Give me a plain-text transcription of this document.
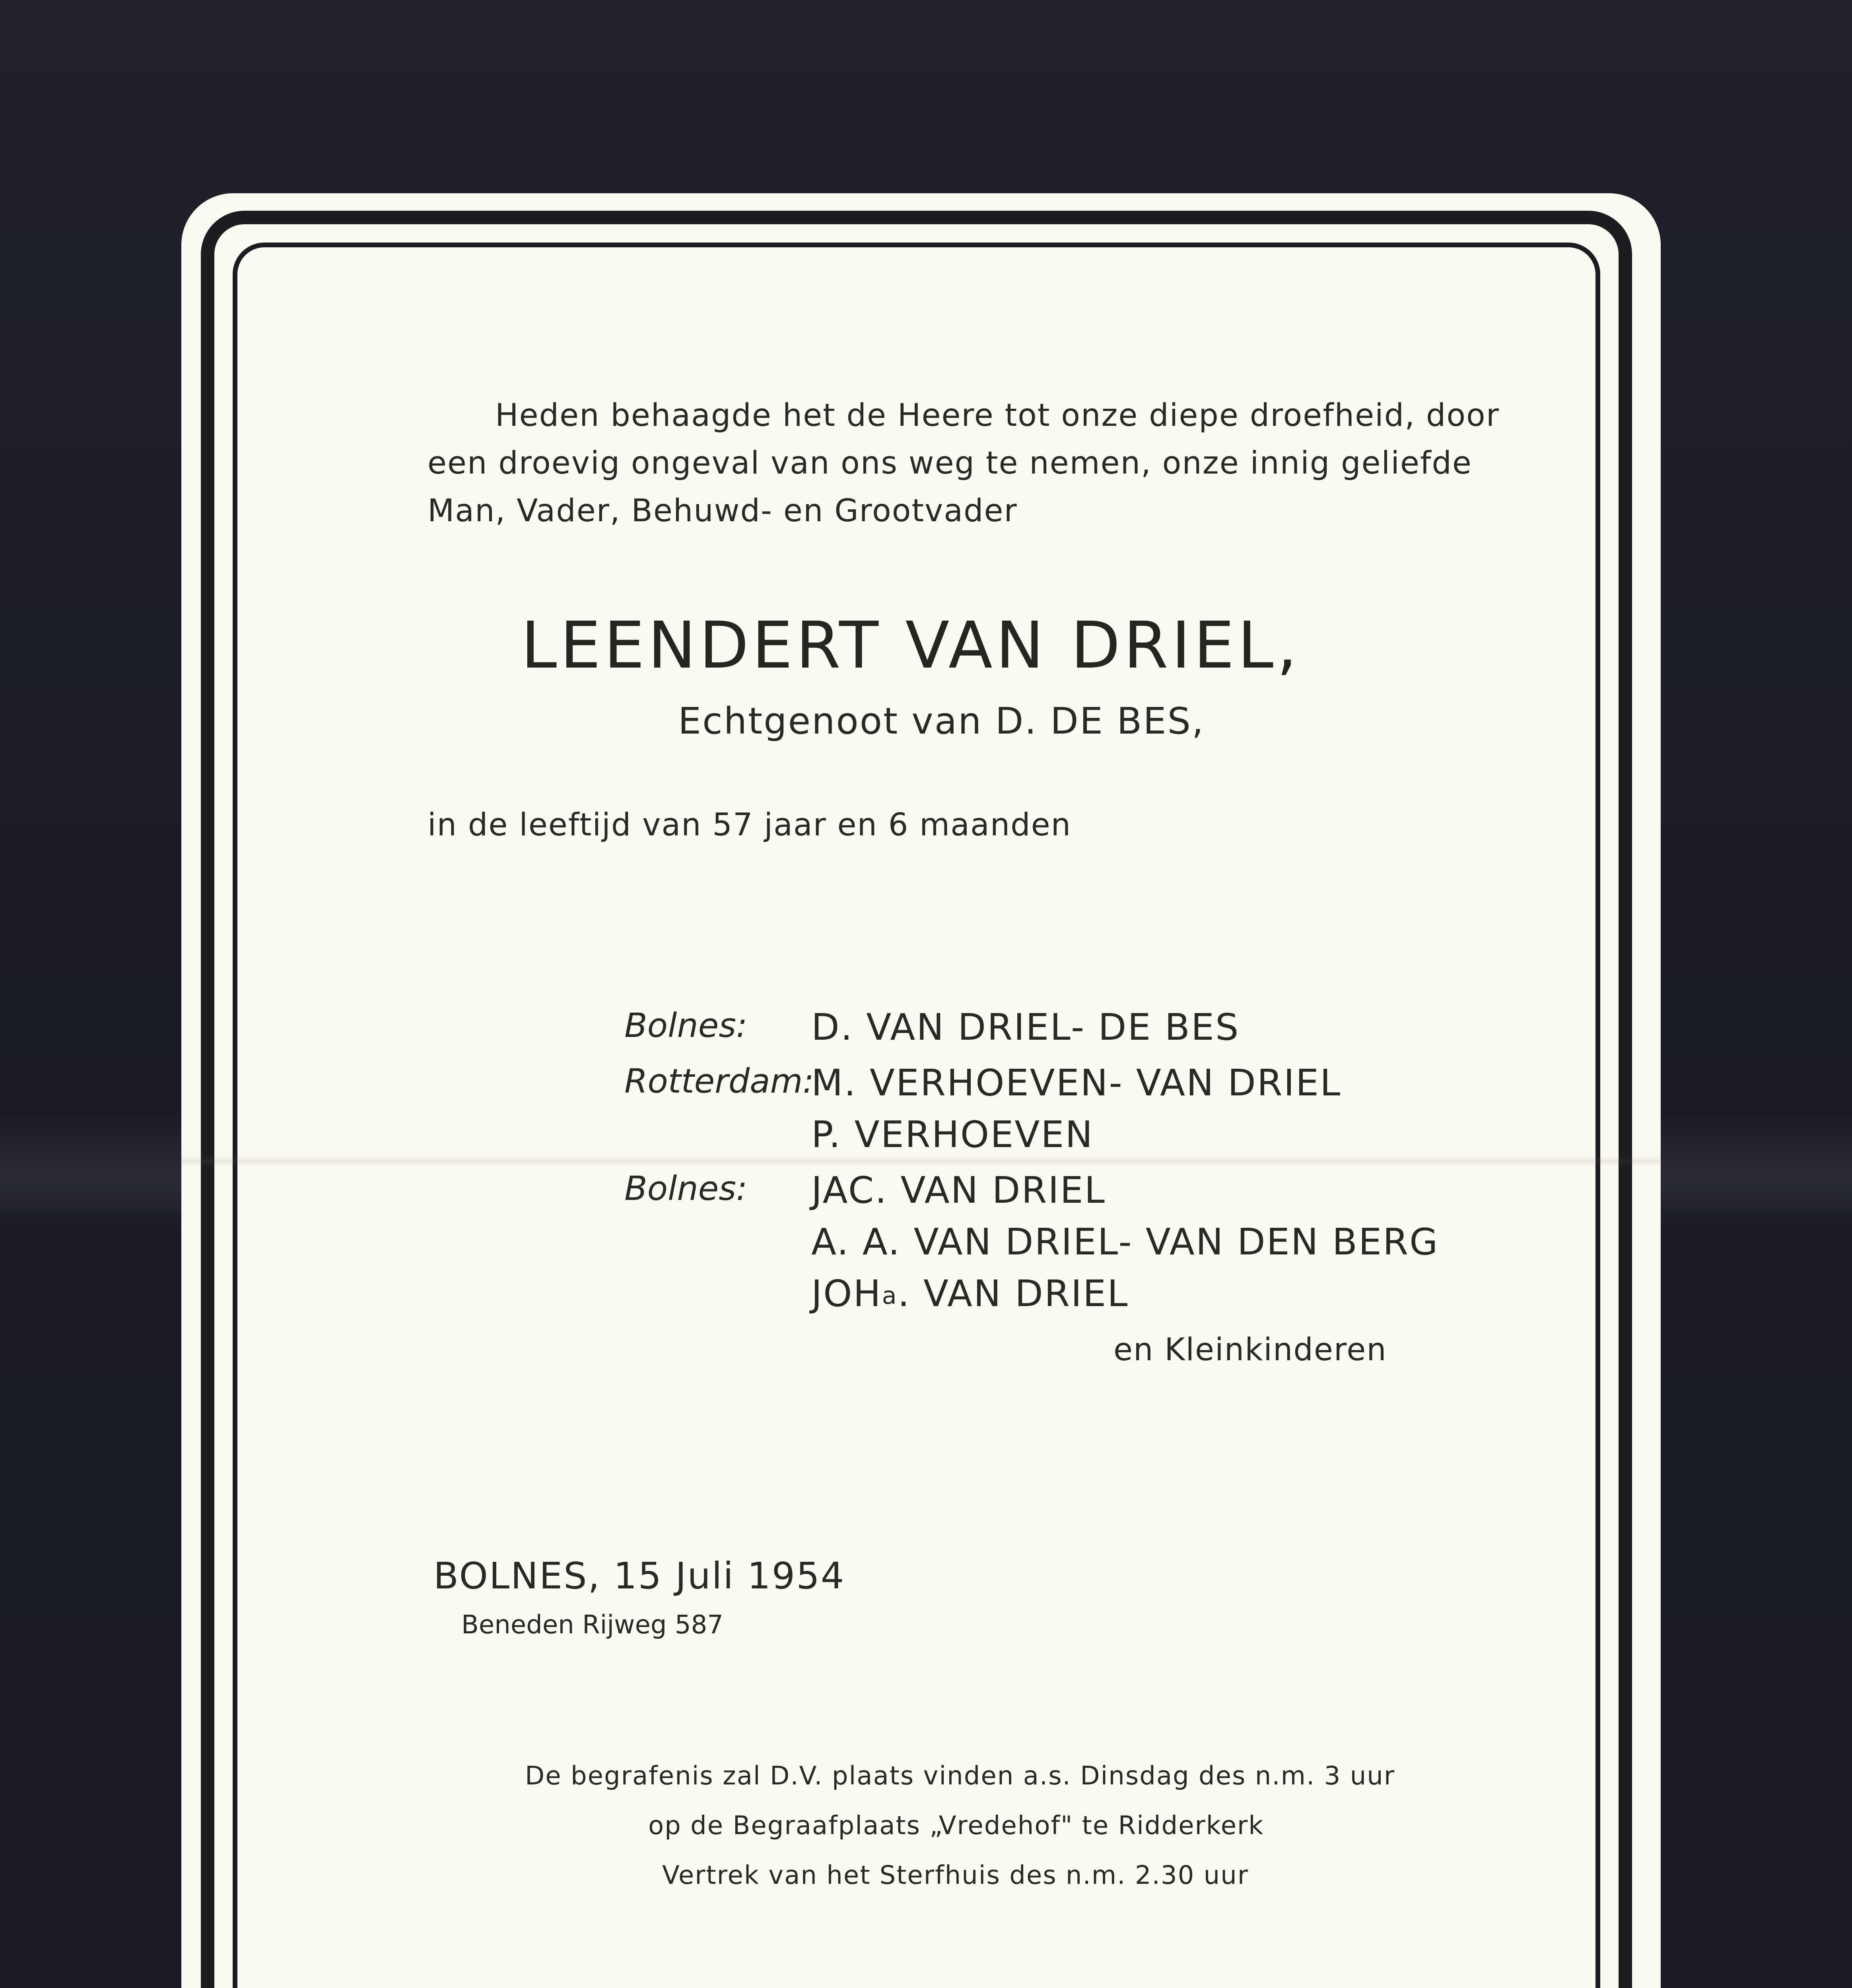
Heden behaagde het de Heere tot onze diepe droefheid, door
een droevig ongeval van ons weg te nemen, onze innig geliefde
Man, Vader, Behuwd- en Grootvader
LEENDERT VAN DRIEL,
Echtgenoot van D. DE BES,
in de leeftijd van 57 jaar en 6 maanden
Bolnes:
Rotterdam:
Bolnes:
D. VAN DRIEL- DE BES
M. VERHOEVEN- VAN DRIEL
P. VERHOEVEN
JAC. VAN DRIEL
A. A. VAN DRIEL- VAN DEN BERG
JOHa. VAN DRIEL
en Kleinkinderen
BOLNES, 15 Juli 1954
Beneden Rijweg 587
De begrafenis zal D.V. plaats vinden a.s. Dinsdag des n.m. 3 uur
op de Begraafplaats „Vredehof" te Ridderkerk
Vertrek van het Sterfhuis des n.m. 2.30 uur
